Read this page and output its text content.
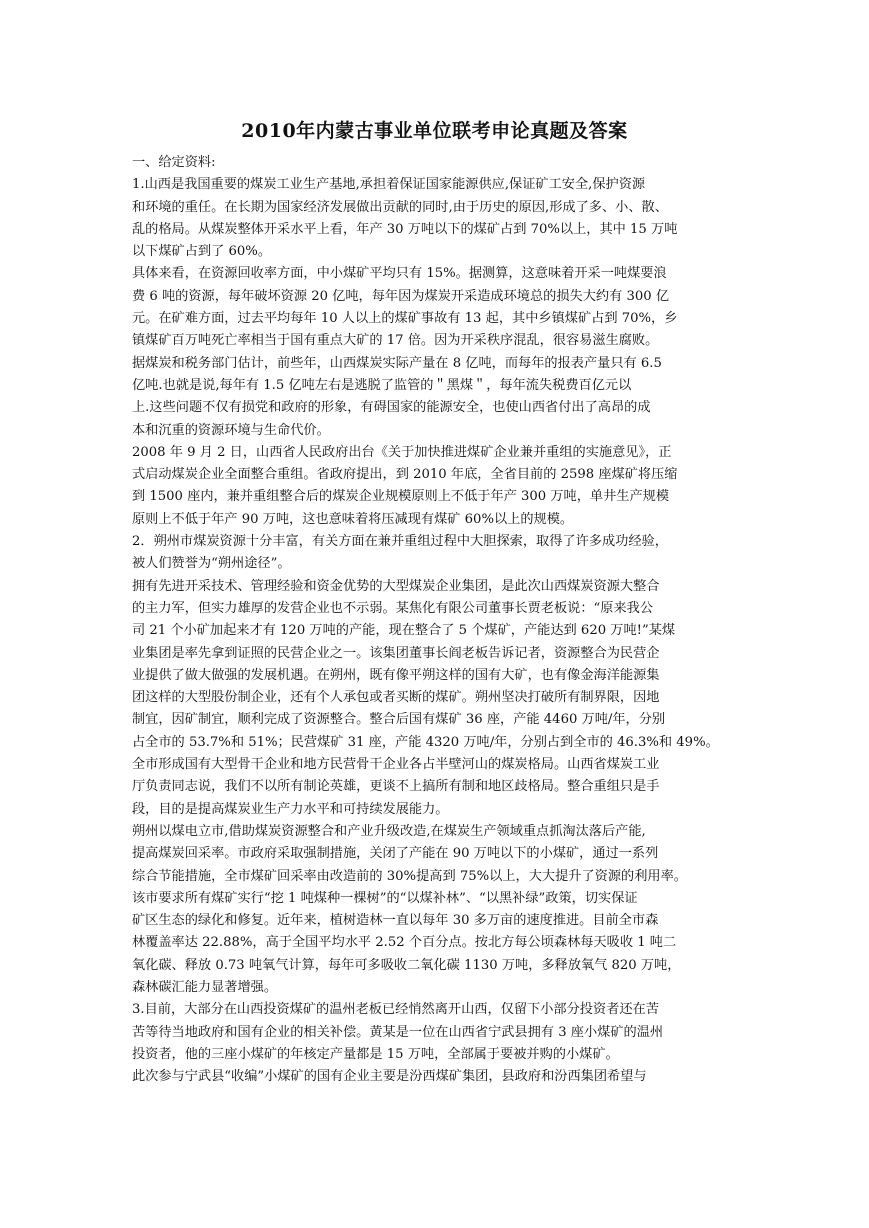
2010年内蒙古事业单位联考申论真题及答案
一、给定资料:
1.山西是我国重要的煤炭工业生产基地,承担着保证国家能源供应,保证矿工安全,保护资源
和环境的重任。在长期为国家经济发展做出贡献的同时,由于历史的原因,形成了多、小、散、
乱的格局。从煤炭整体开采水平上看，年产 30 万吨以下的煤矿占到 70%以上，其中 15 万吨
以下煤矿占到了 60%。
具体来看，在资源回收率方面，中小煤矿平均只有 15%。据测算，这意味着开采一吨煤要浪
费 6 吨的资源，每年破坏资源 20 亿吨，每年因为煤炭开采造成环境总的损失大约有 300 亿
元。在矿难方面，过去平均每年 10 人以上的煤矿事故有 13 起，其中乡镇煤矿占到 70%，乡
镇煤矿百万吨死亡率相当于国有重点大矿的 17 倍。因为开采秩序混乱，很容易滋生腐败。
据煤炭和税务部门估计，前些年，山西煤炭实际产量在 8 亿吨，而每年的报表产量只有 6.5
亿吨.也就是说,每年有 1.5 亿吨左右是逃脱了监管的＂黑煤＂，每年流失税费百亿元以
上.这些问题不仅有损党和政府的形象，有碍国家的能源安全，也使山西省付出了高昂的成
本和沉重的资源环境与生命代价。
2008 年 9 月 2 日，山西省人民政府出台《关于加快推进煤矿企业兼并重组的实施意见》，正
式启动煤炭企业全面整合重组。省政府提出，到 2010 年底，全省目前的 2598 座煤矿将压缩
到 1500 座内，兼并重组整合后的煤炭企业规模原则上不低于年产 300 万吨，单井生产规模
原则上不低于年产 90 万吨，这也意味着将压减现有煤矿 60%以上的规模。
2．朔州市煤炭资源十分丰富，有关方面在兼并重组过程中大胆探索，取得了许多成功经验，
被人们赞誉为“朔州途径”。
拥有先进开采技术、管理经验和资金优势的大型煤炭企业集团，是此次山西煤炭资源大整合
的主力军，但实力雄厚的发营企业也不示弱。某焦化有限公司董事长贾老板说：“原来我公
司 21 个小矿加起来才有 120 万吨的产能，现在整合了 5 个煤矿，产能达到 620 万吨!”某煤
业集团是率先拿到证照的民营企业之一。该集团董事长阎老板告诉记者，资源整合为民营企
业提供了做大做强的发展机遇。在朔州，既有像平朔这样的国有大矿，也有像金海洋能源集
团这样的大型股份制企业，还有个人承包或者买断的煤矿。朔州坚决打破所有制界限，因地
制宜，因矿制宜，顺利完成了资源整合。整合后国有煤矿 36 座，产能 4460 万吨/年，分别
占全市的 53.7%和 51%；民营煤矿 31 座，产能 4320 万吨/年，分别占到全市的 46.3%和 49%。
全市形成国有大型骨干企业和地方民营骨干企业各占半壁河山的煤炭格局。山西省煤炭工业
厅负责同志说，我们不以所有制论英雄，更谈不上搞所有制和地区歧格局。整合重组只是手
段，目的是提高煤炭业生产力水平和可持续发展能力。
朔州以煤电立市,借助煤炭资源整合和产业升级改造,在煤炭生产领域重点抓淘汰落后产能,
提高煤炭回采率。市政府采取强制措施，关闭了产能在 90 万吨以下的小煤矿，通过一系列
综合节能措施，全市煤矿回采率由改造前的 30%提高到 75%以上，大大提升了资源的利用率。
该市要求所有煤矿实行“挖 1 吨煤种一棵树”的“以煤补林”、“以黑补绿”政策，切实保证
矿区生态的绿化和修复。近年来，植树造林一直以每年 30 多万亩的速度推进。目前全市森
林覆盖率达 22.88%，高于全国平均水平 2.52 个百分点。按北方每公顷森林每天吸收 1 吨二
氧化碳、释放 0.73 吨氧气计算，每年可多吸收二氧化碳 1130 万吨，多释放氧气 820 万吨，
森林碳汇能力显著增强。
3.目前，大部分在山西投资煤矿的温州老板已经悄然离开山西，仅留下小部分投资者还在苦
苦等待当地政府和国有企业的相关补偿。黄某是一位在山西省宁武县拥有 3 座小煤矿的温州
投资者，他的三座小煤矿的年核定产量都是 15 万吨，全部属于要被并购的小煤矿。
此次参与宁武县“收编”小煤矿的国有企业主要是汾西煤矿集团，县政府和汾西集团希望与
